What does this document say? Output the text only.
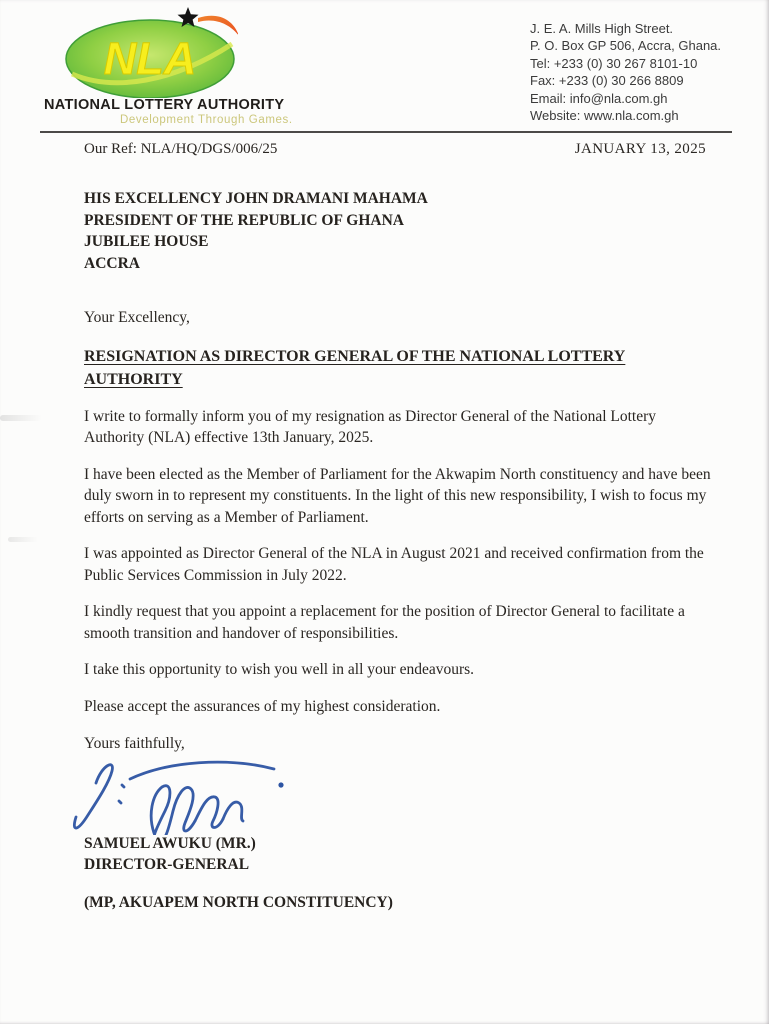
NLA
NATIONAL LOTTERY AUTHORITY
Development Through Games.
J. E. A. Mills High Street.
P. O. Box GP 506, Accra, Ghana.
Tel: +233 (0) 30 267 8101-10
Fax: +233 (0) 30 266 8809
Email: info@nla.com.gh
Website: www.nla.com.gh
Our Ref: NLA/HQ/DGS/006/25	JANUARY 13, 2025
HIS EXCELLENCY JOHN DRAMANI MAHAMA
PRESIDENT OF THE REPUBLIC OF GHANA
JUBILEE HOUSE
ACCRA
Your Excellency,
RESIGNATION AS DIRECTOR GENERAL OF THE NATIONAL LOTTERY AUTHORITY

I write to formally inform you of my resignation as Director General of the National Lottery Authority (NLA) effective 13th January, 2025.

I have been elected as the Member of Parliament for the Akwapim North constituency and have been duly sworn in to represent my constituents. In the light of this new responsibility, I wish to focus my efforts on serving as a Member of Parliament.

I was appointed as Director General of the NLA in August 2021 and received confirmation from the Public Services Commission in July 2022.

I kindly request that you appoint a replacement for the position of Director General to facilitate a smooth transition and handover of responsibilities.

I take this opportunity to wish you well in all your endeavours.

Please accept the assurances of my highest consideration.

Yours faithfully,
SAMUEL AWUKU (MR.)
DIRECTOR-GENERAL
(MP, AKUAPEM NORTH CONSTITUENCY)
